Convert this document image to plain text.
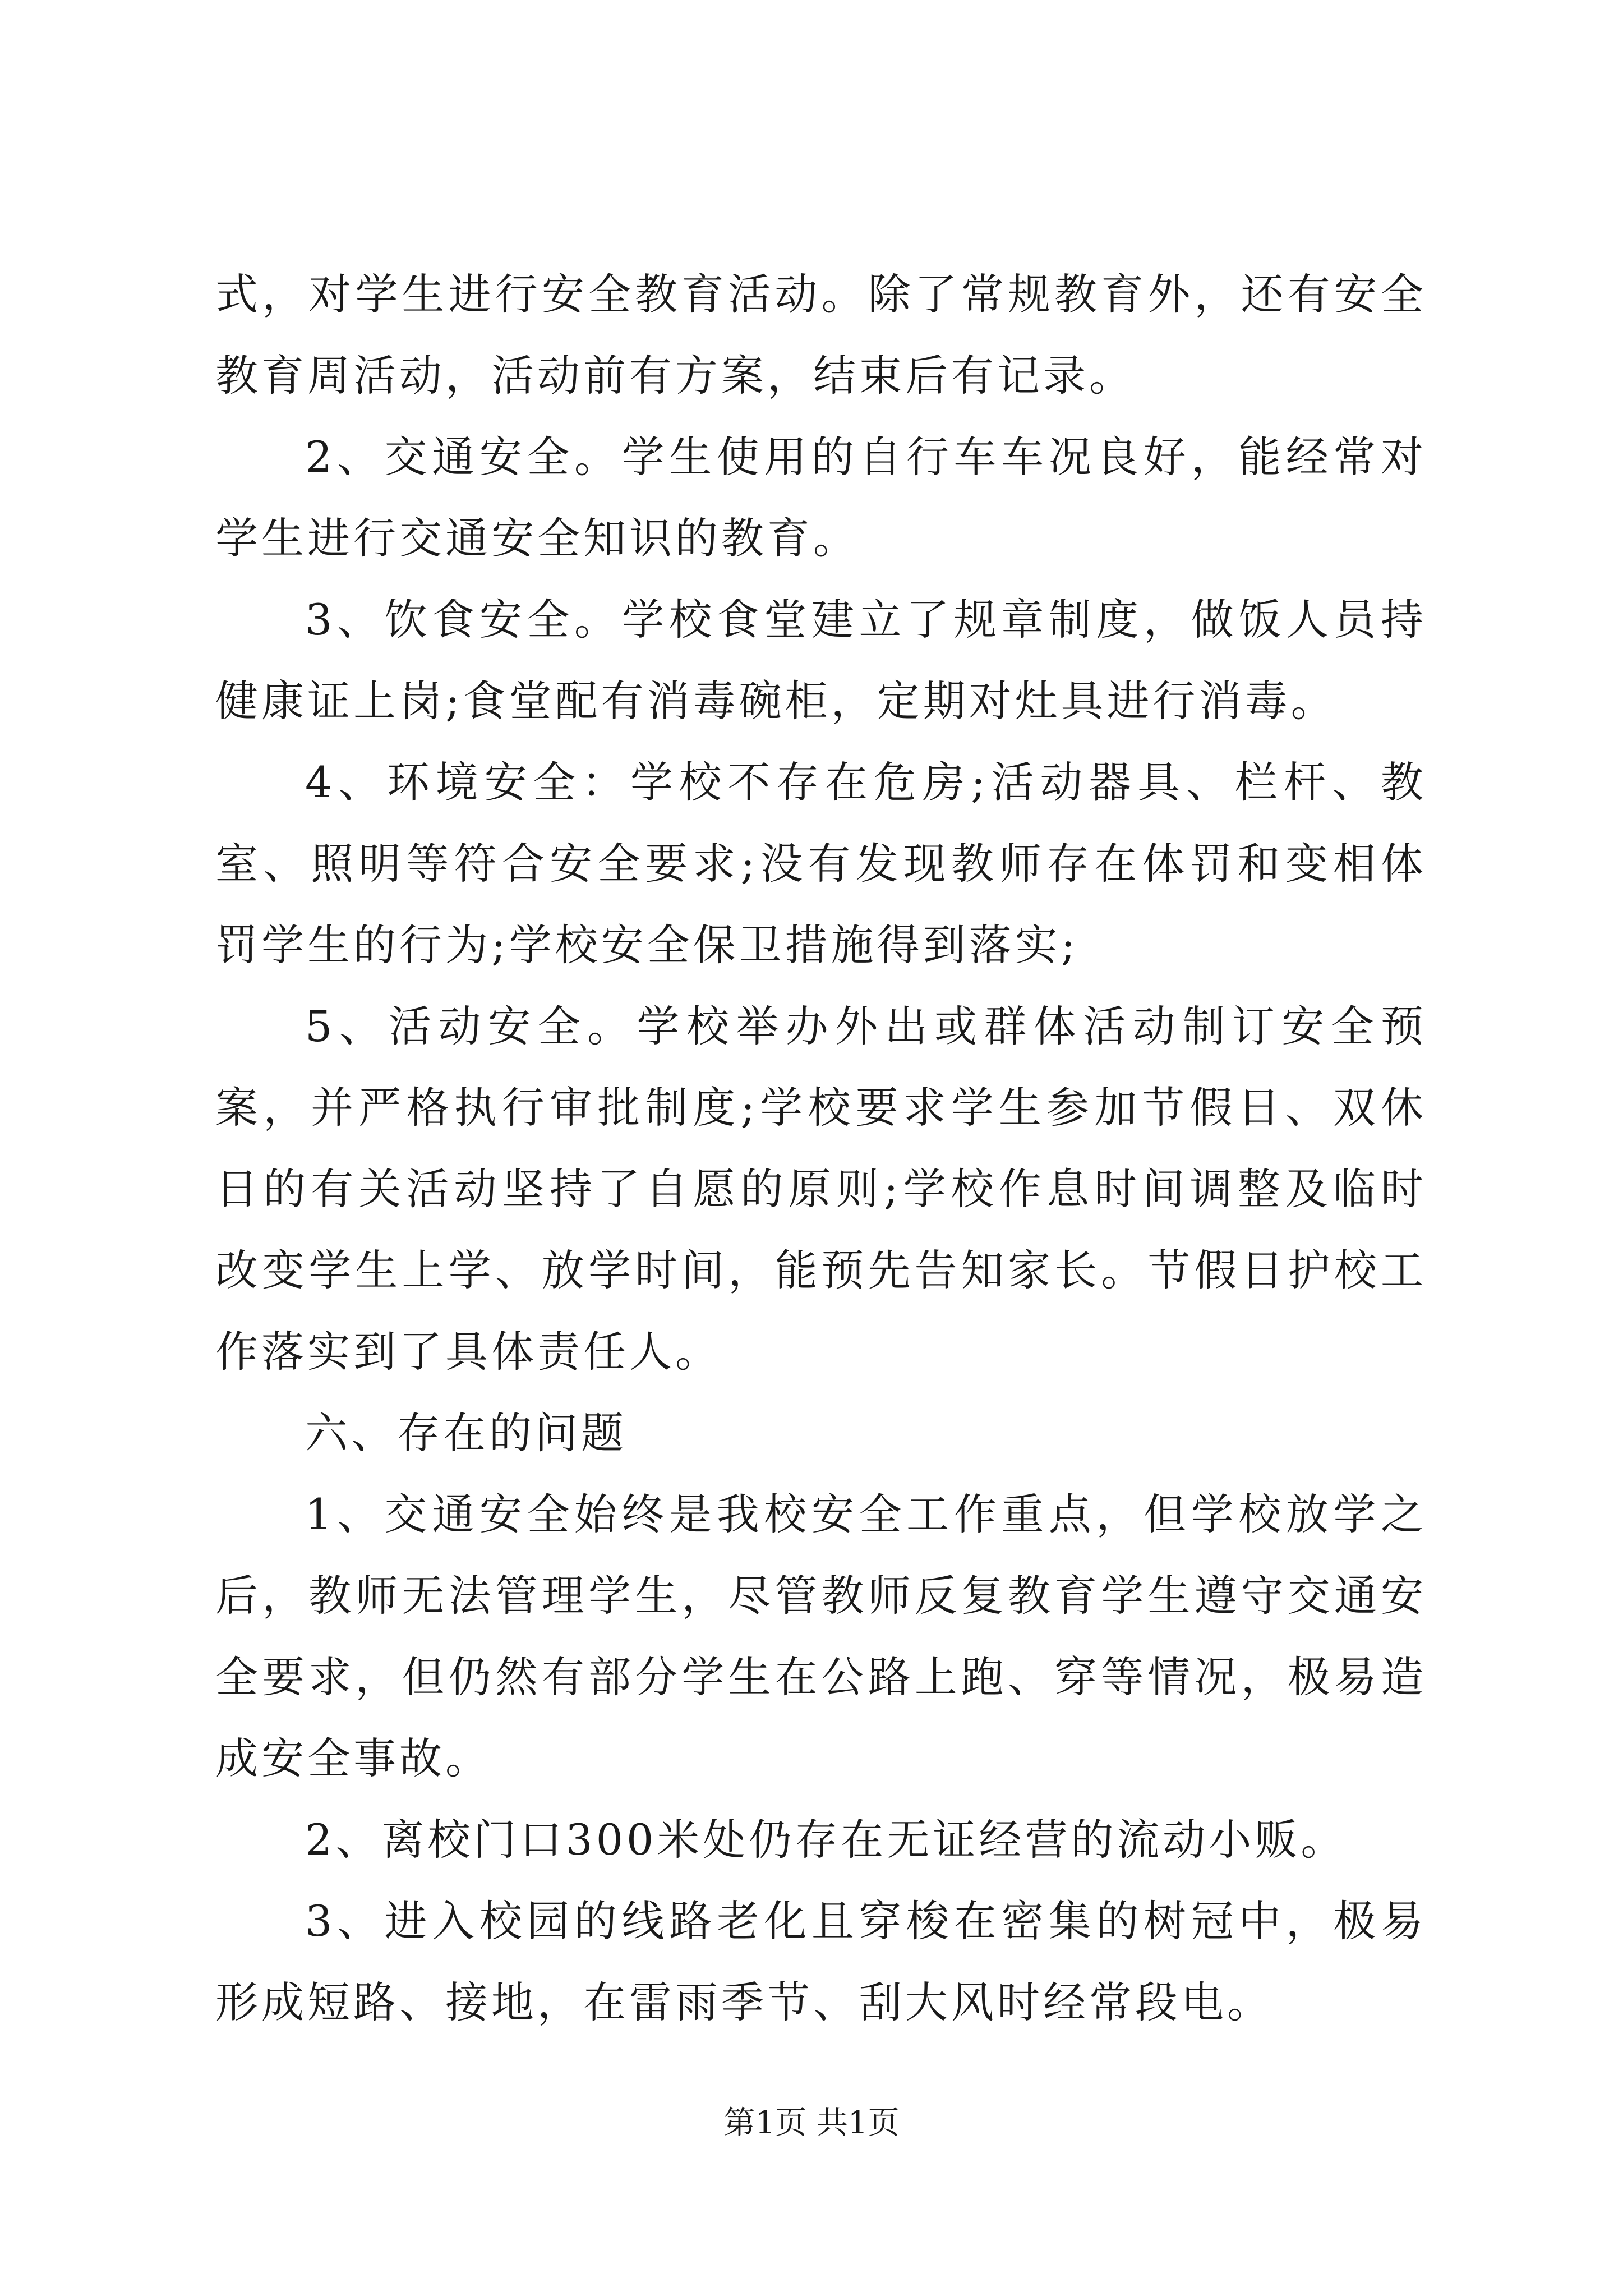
式，对学生进行安全教育活动。除了常规教育外，还有安全教育周活动，活动前有方案，结束后有记录。

2、交通安全。学生使用的自行车车况良好，能经常对学生进行交通安全知识的教育。

3、饮食安全。学校食堂建立了规章制度，做饭人员持健康证上岗;食堂配有消毒碗柜，定期对灶具进行消毒。

4、环境安全：学校不存在危房;活动器具、栏杆、教室、照明等符合安全要求;没有发现教师存在体罚和变相体罚学生的行为;学校安全保卫措施得到落实;

5、活动安全。学校举办外出或群体活动制订安全预案，并严格执行审批制度;学校要求学生参加节假日、双休日的有关活动坚持了自愿的原则;学校作息时间调整及临时改变学生上学、放学时间，能预先告知家长。节假日护校工作落实到了具体责任人。

六、存在的问题

1、交通安全始终是我校安全工作重点，但学校放学之后，教师无法管理学生，尽管教师反复教育学生遵守交通安全要求，但仍然有部分学生在公路上跑、穿等情况，极易造成安全事故。

2、离校门口300米处仍存在无证经营的流动小贩。

3、进入校园的线路老化且穿梭在密集的树冠中，极易形成短路、接地，在雷雨季节、刮大风时经常段电。

第1页 共1页
